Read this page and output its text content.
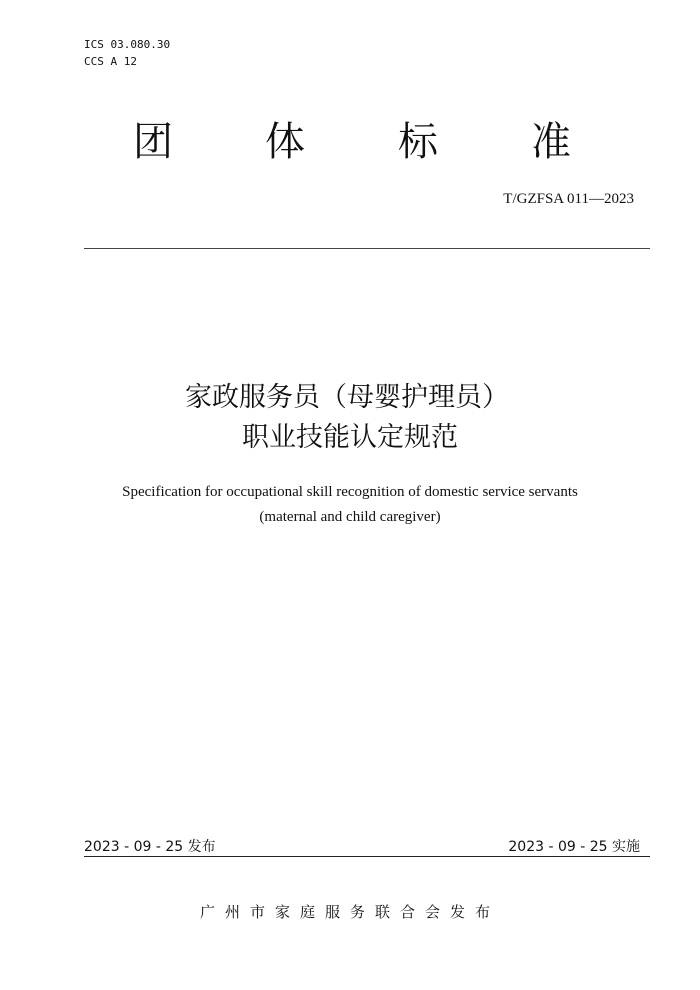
ICS 03.080.30
CCS A 12
团 体 标 准
T/GZFSA 011—2023
家政服务员（母婴护理员）
职业技能认定规范
Specification for occupational skill recognition of domestic service servants
(maternal and child caregiver)
2023 - 09 - 25 发布	2023 - 09 - 25 实施
广州市家庭服务联合会发布
